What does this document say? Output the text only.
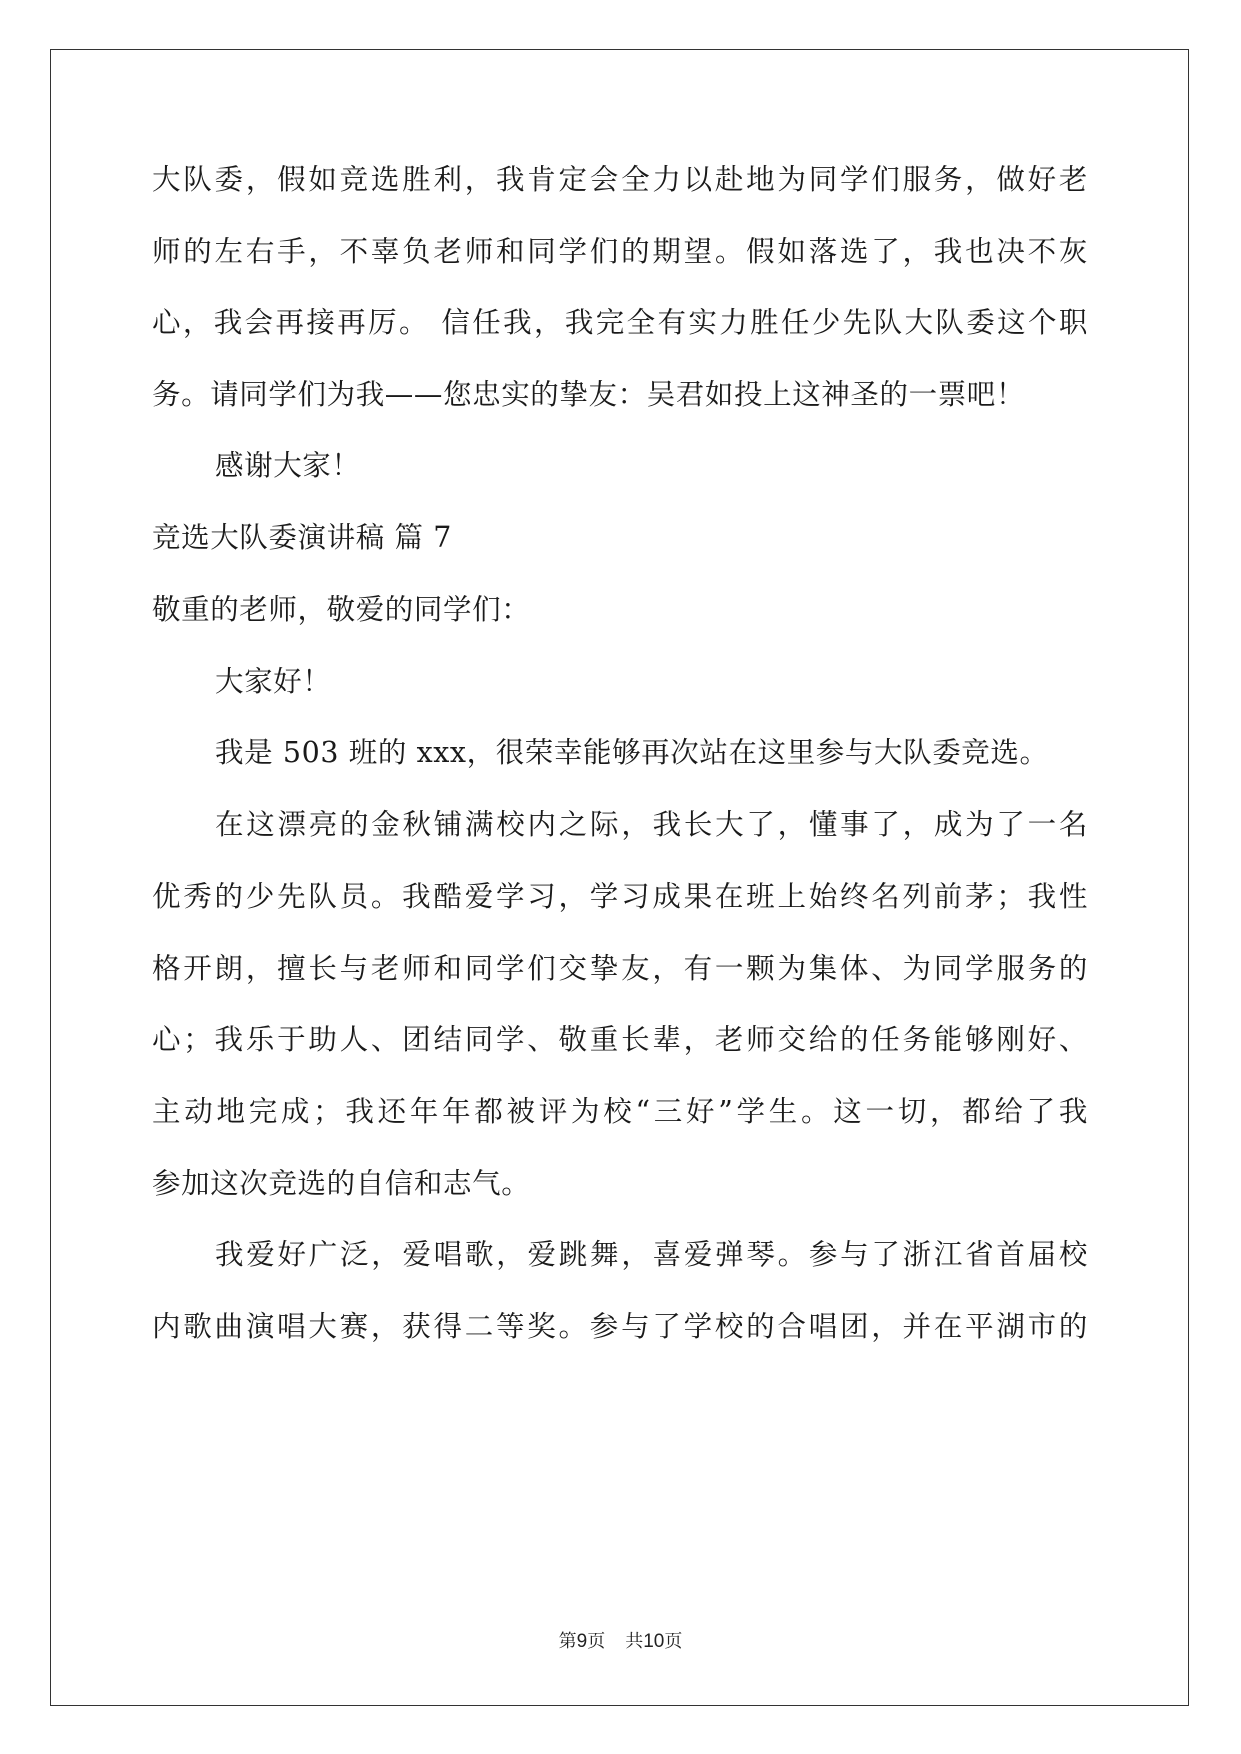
大队委，假如竞选胜利，我肯定会全力以赴地为同学们服务，做好老
师的左右手，不辜负老师和同学们的期望。假如落选了，我也决不灰
心，我会再接再厉。 信任我，我完全有实力胜任少先队大队委这个职
务。请同学们为我——您忠实的挚友：吴君如投上这神圣的一票吧！
感谢大家！
竞选大队委演讲稿 篇 7
敬重的老师，敬爱的同学们：
大家好！
我是 503 班的 xxx，很荣幸能够再次站在这里参与大队委竞选。
在这漂亮的金秋铺满校内之际，我长大了，懂事了，成为了一名
优秀的少先队员。我酷爱学习，学习成果在班上始终名列前茅；我性
格开朗，擅长与老师和同学们交挚友，有一颗为集体、为同学服务的
心；我乐于助人、团结同学、敬重长辈，老师交给的任务能够刚好、
主动地完成；我还年年都被评为校“三好”学生。这一切，都给了我
参加这次竞选的自信和志气。
我爱好广泛，爱唱歌，爱跳舞，喜爱弹琴。参与了浙江省首届校
内歌曲演唱大赛，获得二等奖。参与了学校的合唱团，并在平湖市的
第9页 共10页
